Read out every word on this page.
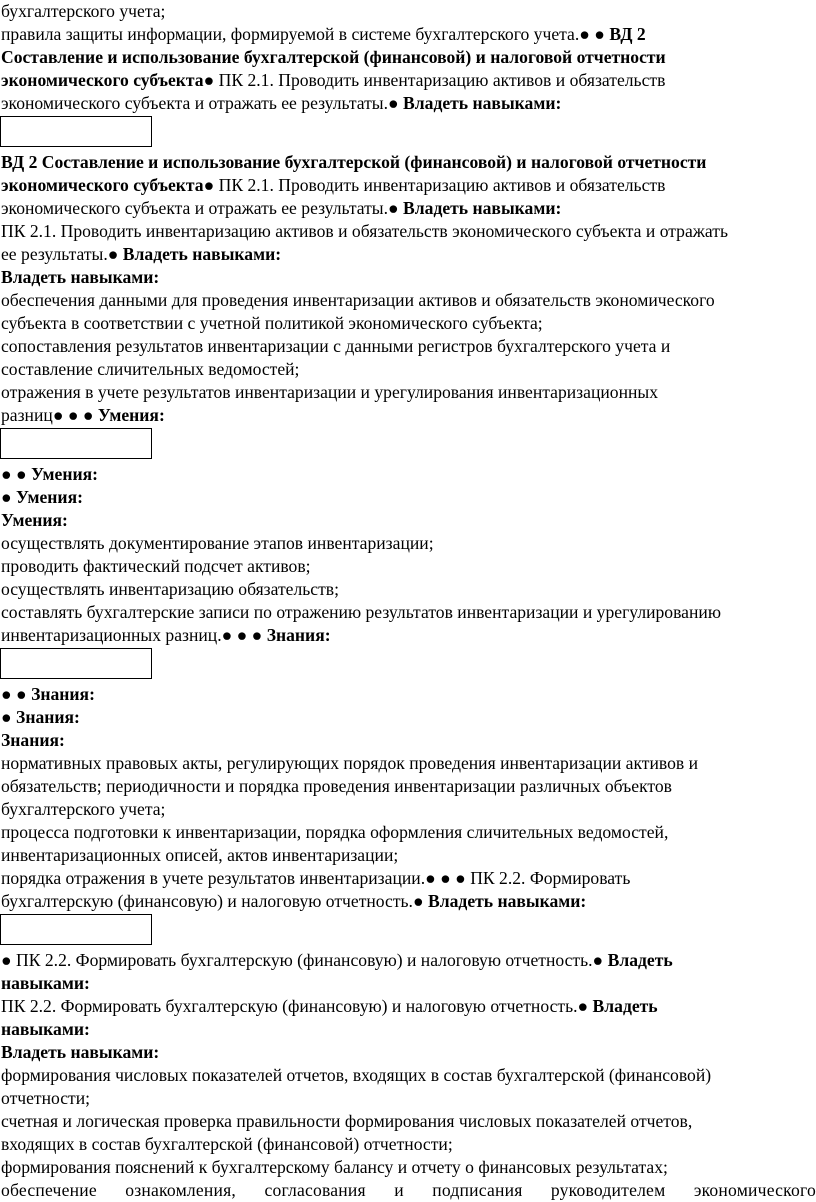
бухгалтерского учета;
правила защиты информации, формируемой в системе бухгалтерского учета.● ● ВД 2
Составление и использование бухгалтерской (финансовой) и налоговой отчетности
экономического субъекта● ПК 2.1. Проводить инвентаризацию активов и обязательств
экономического субъекта и отражать ее результаты.● Владеть навыками:
ВД 2 Составление и использование бухгалтерской (финансовой) и налоговой отчетности
экономического субъекта● ПК 2.1. Проводить инвентаризацию активов и обязательств
экономического субъекта и отражать ее результаты.● Владеть навыками:
ПК 2.1. Проводить инвентаризацию активов и обязательств экономического субъекта и отражать
ее результаты.● Владеть навыками:
Владеть навыками:
обеспечения данными для проведения инвентаризации активов и обязательств экономического
субъекта в соответствии с учетной политикой экономического субъекта;
сопоставления результатов инвентаризации с данными регистров бухгалтерского учета и
составление сличительных ведомостей;
отражения в учете результатов инвентаризации и урегулирования инвентаризационных
разниц● ● ● Умения:
● ● Умения:
● Умения:
Умения:
осуществлять документирование этапов инвентаризации;
проводить фактический подсчет активов;
осуществлять инвентаризацию обязательств;
составлять бухгалтерские записи по отражению результатов инвентаризации и урегулированию
инвентаризационных разниц.● ● ● Знания:
● ● Знания:
● Знания:
Знания:
нормативных правовых акты, регулирующих порядок проведения инвентаризации активов и
обязательств; периодичности и порядка проведения инвентаризации различных объектов
бухгалтерского учета;
процесса подготовки к инвентаризации, порядка оформления сличительных ведомостей,
инвентаризационных описей, актов инвентаризации;
порядка отражения в учете результатов инвентаризации.● ● ● ПК 2.2. Формировать
бухгалтерскую (финансовую) и налоговую отчетность.● Владеть навыками:
● ПК 2.2. Формировать бухгалтерскую (финансовую) и налоговую отчетность.● Владеть
навыками:
ПК 2.2. Формировать бухгалтерскую (финансовую) и налоговую отчетность.● Владеть
навыками:
Владеть навыками:
формирования числовых показателей отчетов, входящих в состав бухгалтерской (финансовой)
отчетности;
счетная и логическая проверка правильности формирования числовых показателей отчетов,
входящих в состав бухгалтерской (финансовой) отчетности;
формирования пояснений к бухгалтерскому балансу и отчету о финансовых результатах;
обеспечение ознакомления, согласования и подписания руководителем экономического
